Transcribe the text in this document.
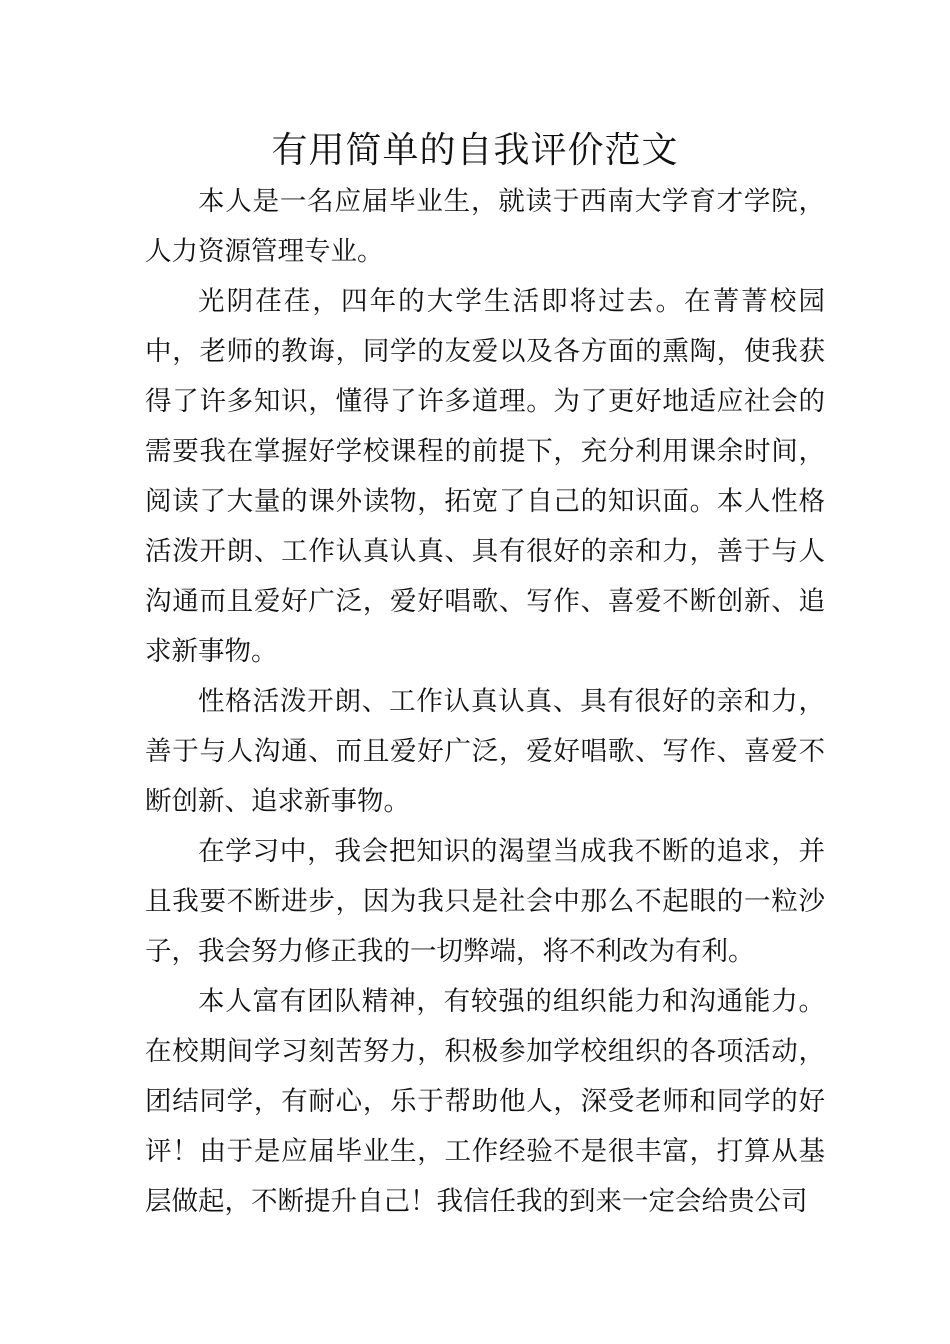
有用简单的自我评价范文

本人是一名应届毕业生，就读于西南大学育才学院，人力资源管理专业。

光阴荏荏，四年的大学生活即将过去。在菁菁校园中，老师的教诲，同学的友爱以及各方面的熏陶，使我获得了许多知识，懂得了许多道理。为了更好地适应社会的需要我在掌握好学校课程的前提下，充分利用课余时间，阅读了大量的课外读物，拓宽了自己的知识面。本人性格活泼开朗、工作认真认真、具有很好的亲和力，善于与人沟通而且爱好广泛，爱好唱歌、写作、喜爱不断创新、追求新事物。

性格活泼开朗、工作认真认真、具有很好的亲和力，善于与人沟通、而且爱好广泛，爱好唱歌、写作、喜爱不断创新、追求新事物。

在学习中，我会把知识的渴望当成我不断的追求，并且我要不断进步，因为我只是社会中那么不起眼的一粒沙子，我会努力修正我的一切弊端，将不利改为有利。

本人富有团队精神，有较强的组织能力和沟通能力。在校期间学习刻苦努力，积极参加学校组织的各项活动，团结同学，有耐心，乐于帮助他人，深受老师和同学的好评！由于是应届毕业生，工作经验不是很丰富，打算从基层做起，不断提升自己！我信任我的到来一定会给贵公司
